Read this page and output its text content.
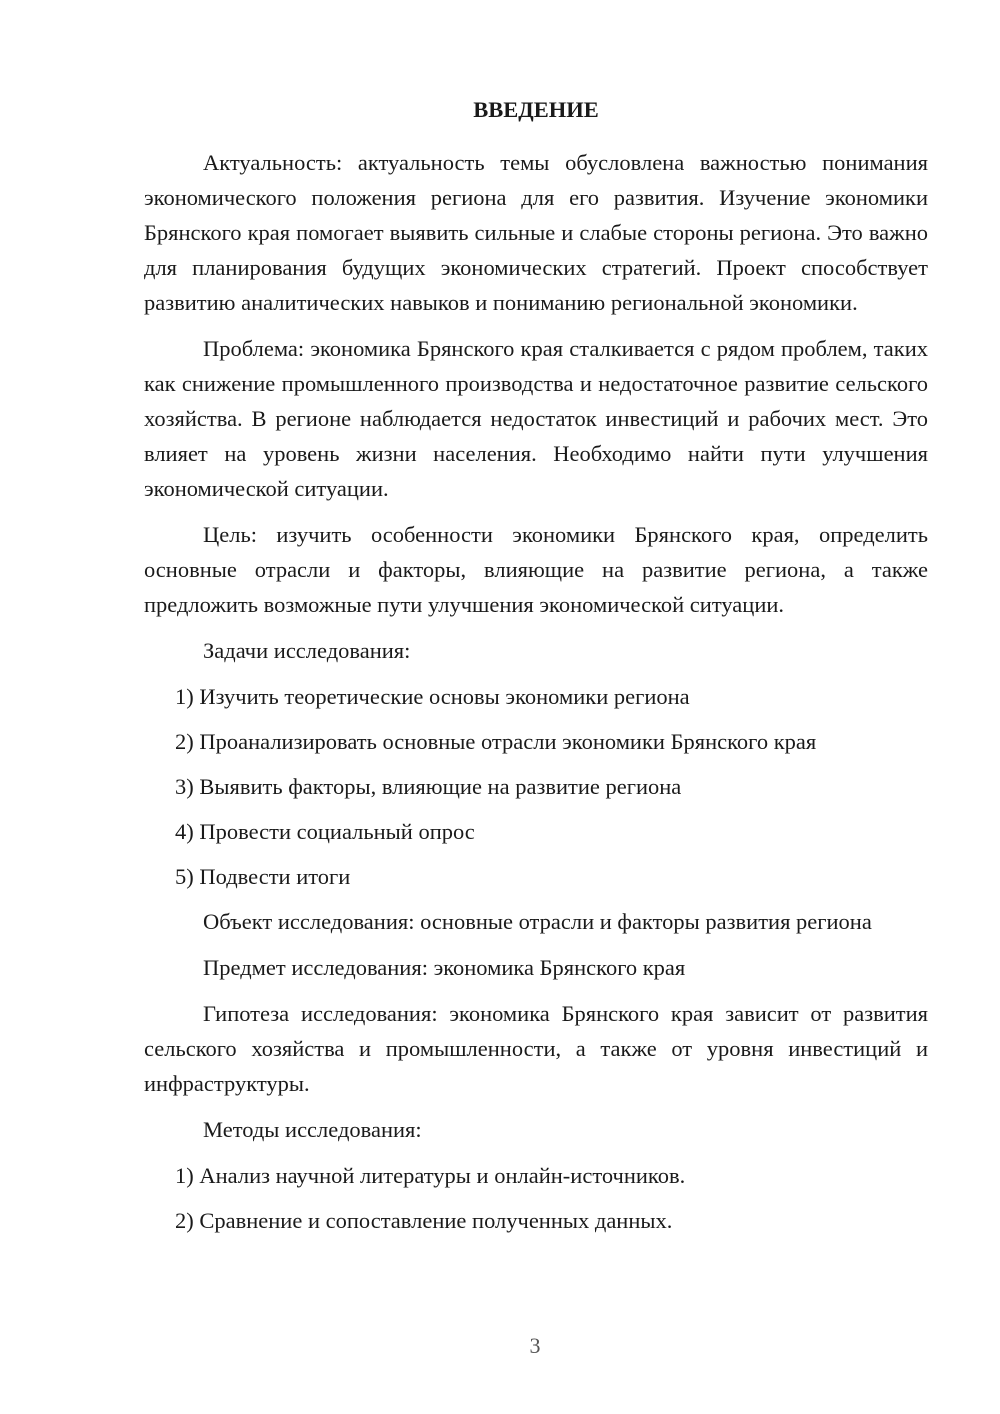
ВВЕДЕНИЕ
Актуальность: актуальность темы обусловлена важностью понимания экономического положения региона для его развития. Изучение экономики Брянского края помогает выявить сильные и слабые стороны региона. Это важно для планирования будущих экономических стратегий. Проект способствует развитию аналитических навыков и пониманию региональной экономики.
Проблема: экономика Брянского края сталкивается с рядом проблем, таких как снижение промышленного производства и недостаточное развитие сельского хозяйства. В регионе наблюдается недостаток инвестиций и рабочих мест. Это влияет на уровень жизни населения. Необходимо найти пути улучшения экономической ситуации.
Цель: изучить особенности экономики Брянского края, определить основные отрасли и факторы, влияющие на развитие региона, а также предложить возможные пути улучшения экономической ситуации.
Задачи исследования:
1) Изучить теоретические основы экономики региона
2) Проанализировать основные отрасли экономики Брянского края
3) Выявить факторы, влияющие на развитие региона
4) Провести социальный опрос
5) Подвести итоги
Объект исследования: основные отрасли и факторы развития региона
Предмет исследования: экономика Брянского края
Гипотеза исследования: экономика Брянского края зависит от развития сельского хозяйства и промышленности, а также от уровня инвестиций и инфраструктуры.
Методы исследования:
1) Анализ научной литературы и онлайн-источников.
2) Сравнение и сопоставление полученных данных.
3
